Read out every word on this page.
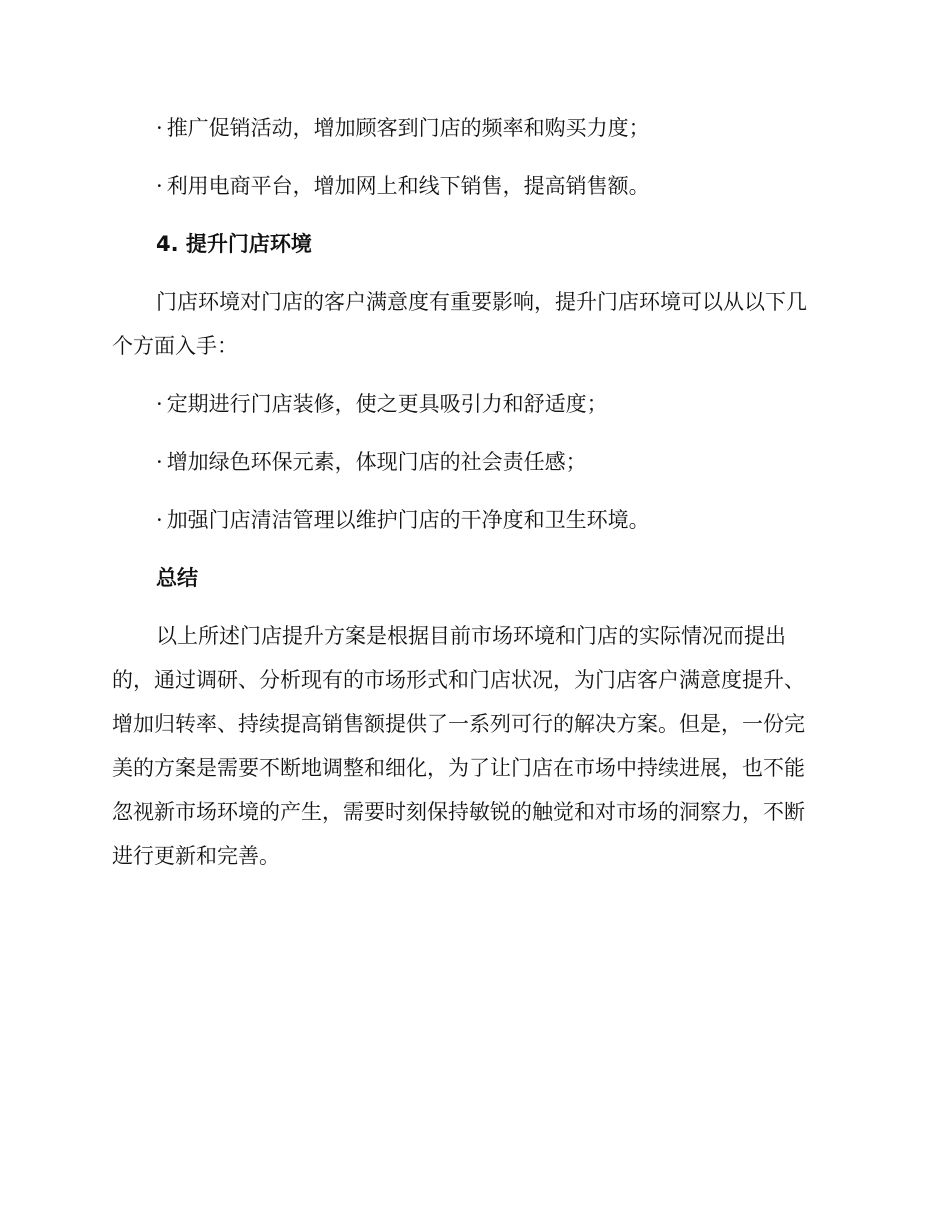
· 推广促销活动，增加顾客到门店的频率和购买力度；

· 利用电商平台，增加网上和线下销售，提高销售额。

4. 提升门店环境

门店环境对门店的客户满意度有重要影响，提升门店环境可以从以下几

个方面入手：

· 定期进行门店装修，使之更具吸引力和舒适度；

· 增加绿色环保元素，体现门店的社会责任感；

· 加强门店清洁管理以维护门店的干净度和卫生环境。

总结

以上所述门店提升方案是根据目前市场环境和门店的实际情况而提出

的，通过调研、分析现有的市场形式和门店状况，为门店客户满意度提升、

增加归转率、持续提高销售额提供了一系列可行的解决方案。但是，一份完

美的方案是需要不断地调整和细化，为了让门店在市场中持续进展，也不能

忽视新市场环境的产生，需要时刻保持敏锐的触觉和对市场的洞察力，不断

进行更新和完善。
